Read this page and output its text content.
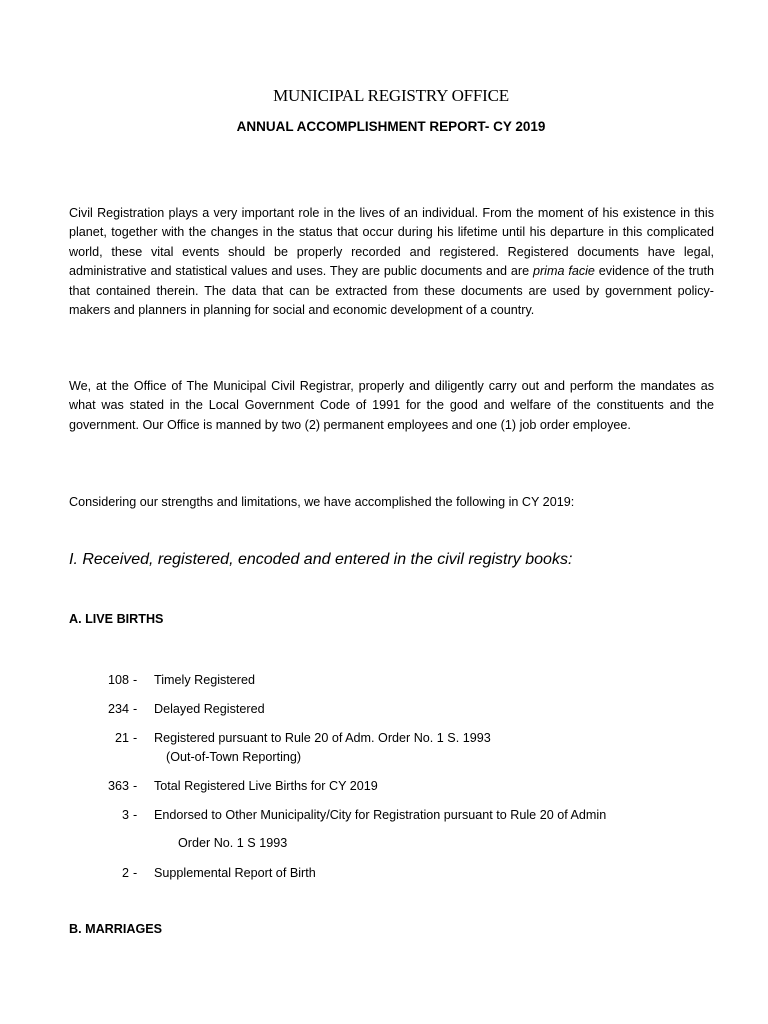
MUNICIPAL REGISTRY OFFICE
ANNUAL ACCOMPLISHMENT REPORT- CY 2019

Civil Registration plays a very important role in the lives of an individual. From the moment of his existence in this planet, together with the changes in the status that occur during his lifetime until his departure in this complicated world, these vital events should be properly recorded and registered. Registered documents have legal, administrative and statistical values and uses. They are public documents and are prima facie evidence of the truth that contained therein. The data that can be extracted from these documents are used by government policy-makers and planners in planning for social and economic development of a country.

We, at the Office of The Municipal Civil Registrar, properly and diligently carry out and perform the mandates as what was stated in the Local Government Code of 1991 for the good and welfare of the constituents and the government. Our Office is manned by two (2) permanent employees and one (1) job order employee.

Considering our strengths and limitations, we have accomplished the following in CY 2019:

I. Received, registered, encoded and entered in the civil registry books:
A. LIVE BIRTHS
108 - Timely Registered
234 - Delayed Registered
21 - Registered pursuant to Rule 20 of Adm. Order No. 1 S. 1993
(Out-of-Town Reporting)
363 - Total Registered Live Births for CY 2019
3 - Endorsed to Other Municipality/City for Registration pursuant to Rule 20 of Admin
Order No. 1 S 1993
2 - Supplemental Report of Birth
B. MARRIAGES
